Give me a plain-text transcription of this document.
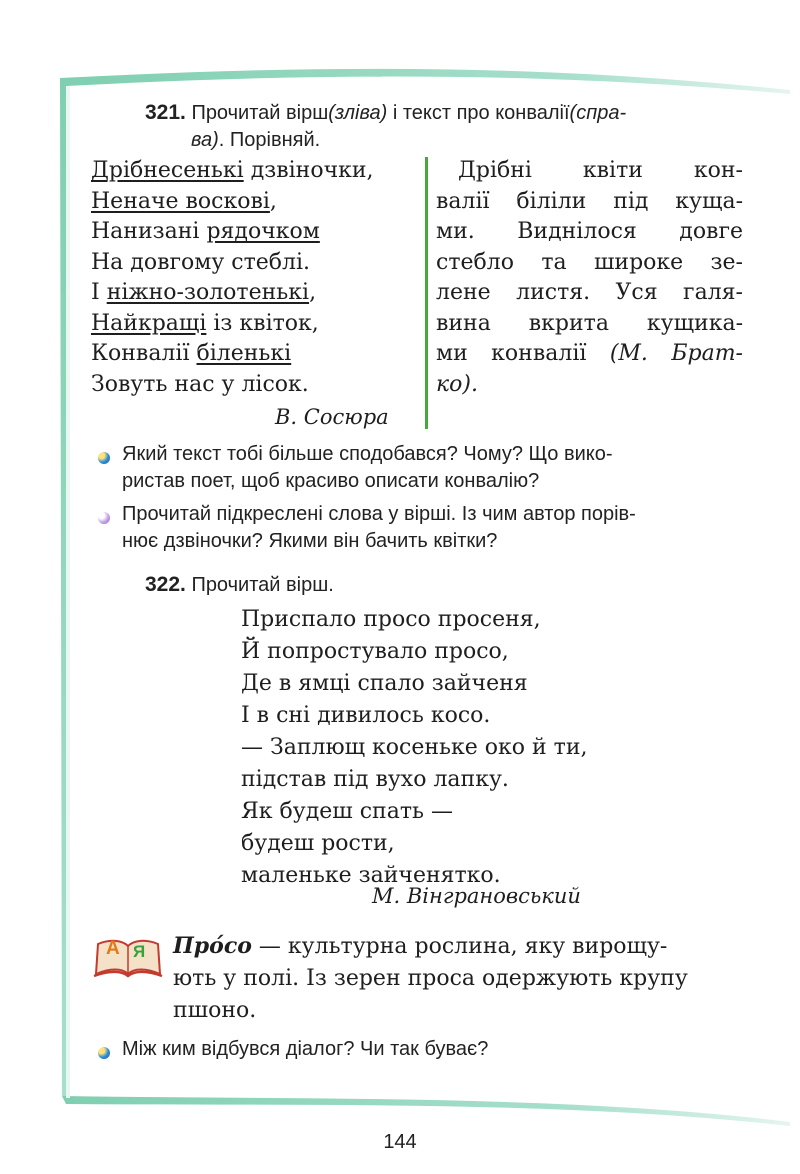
321. Прочитай вірш(зліва) і текст про конвалії(спра-
ва). Порівняй.
Дрібнесенькі дзвіночки,
Неначе воскові,
Нанизані рядочком
На довгому стеблі.
І ніжно-золотенькі,
Найкращі із квіток,
Конвалії біленькі
Зовуть нас у лісок.
В. Сосюра
Дрібні квіти кон-
валії біліли під куща-
ми. Виднілося довге
стебло та широке зе-
лене листя. Уся галя-
вина вкрита кущика-
ми конвалії (М. Брат-
ко).
Який текст тобі більше сподобався? Чому? Що вико-
ристав поет, щоб красиво описати конвалію?
Прочитай підкреслені слова у вірші. Із чим автор порів-
нює дзвіночки? Якими він бачить квітки?
322. Прочитай вірш.
Приспало просо просеня,
Й попростувало просо,
Де в ямці спало зайченя
І в сні дивилось косо.
— Заплющ косеньке око й ти,
підстав під вухо лапку.
Як будеш спать —
будеш рости,
маленьке зайченятко.
М. Вінграновський
А Я Про́со — культурна рослина, яку вирощу-
ють у полі. Із зерен проса одержують крупу
пшоно.
Між ким відбувся діалог? Чи так буває?
144
